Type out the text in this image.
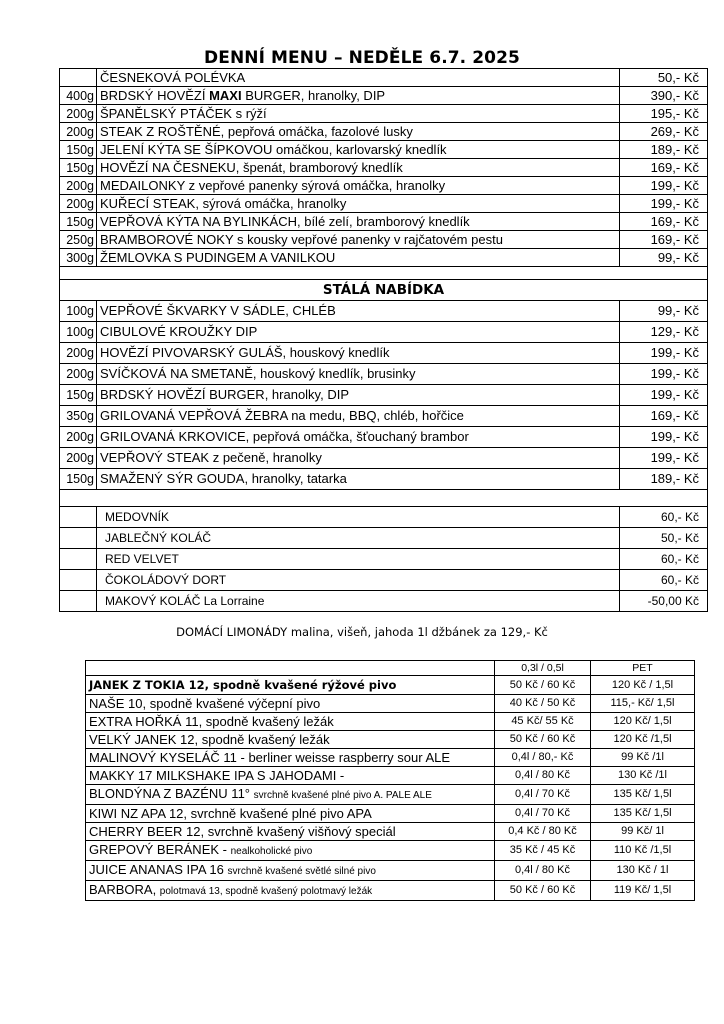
DENNÍ MENU – NEDĚLE 6.7. 2025
	ČESNEKOVÁ POLÉVKA	50,- Kč
400g	BRDSKÝ HOVĚZÍ MAXI BURGER, hranolky, DIP	390,- Kč
200g	ŠPANĚLSKÝ PTÁČEK s rýží	195,- Kč
200g	STEAK Z ROŠTĚNÉ, pepřová omáčka, fazolové lusky	269,- Kč
150g	JELENÍ KÝTA SE ŠÍPKOVOU omáčkou, karlovarský knedlík	189,- Kč
150g	HOVĚZÍ NA ČESNEKU, špenát, bramborový knedlík	169,- Kč
200g	MEDAILONKY z vepřové panenky sýrová omáčka, hranolky	199,- Kč
200g	KUŘECÍ STEAK, sýrová omáčka, hranolky	199,- Kč
150g	VEPŘOVÁ KÝTA NA BYLINKÁCH, bílé zelí, bramborový knedlík	169,- Kč
250g	BRAMBOROVÉ NOKY s kousky vepřové panenky v rajčatovém pestu	169,- Kč
300g	ŽEMLOVKA S PUDINGEM A VANILKOU	99,- Kč

STÁLÁ NABÍDKA		
100g	VEPŘOVÉ ŠKVARKY V SÁDLE, CHLÉB	99,- Kč
100g	CIBULOVÉ KROUŽKY DIP	129,- Kč
200g	HOVĚZÍ PIVOVARSKÝ GULÁŠ, houskový knedlík	199,- Kč
200g	SVÍČKOVÁ NA SMETANĚ, houskový knedlík, brusinky	199,- Kč
150g	BRDSKÝ HOVĚZÍ BURGER, hranolky, DIP	199,- Kč
350g	GRILOVANÁ VEPŘOVÁ ŽEBRA na medu, BBQ, chléb, hořčice	169,- Kč
200g	GRILOVANÁ KRKOVICE, pepřová omáčka, šťouchaný brambor	199,- Kč
200g	VEPŘOVÝ STEAK z pečeně, hranolky	199,- Kč
150g	SMAŽENÝ SÝR GOUDA, hranolky, tatarka	189,- Kč

	MEDOVNÍK	60,- Kč
	JABLEČNÝ KOLÁČ	50,- Kč
	RED VELVET	60,- Kč
	ČOKOLÁDOVÝ DORT	60,- Kč
	MAKOVÝ KOLÁČ La Lorraine	-50,00 Kč
DOMÁCÍ LIMONÁDY malina, višeň, jahoda 1l džbánek za 129,- Kč
	0,3l / 0,5l	PET
JANEK Z TOKIA 12, spodně kvašené rýžové pivo	50 Kč / 60 Kč	120 Kč / 1,5l
NAŠE 10, spodně kvašené výčepní pivo	40 Kč / 50 Kč	115,- Kč/ 1,5l
EXTRA HOŘKÁ 11, spodně kvašený ležák	45 Kč/ 55 Kč	120 Kč/ 1,5l
VELKÝ JANEK 12, spodně kvašený ležák	50 Kč / 60 Kč	120 Kč /1,5l
MALINOVÝ KYSELÁČ 11 - berliner weisse raspberry sour ALE	0,4l / 80,- Kč	99 Kč /1l
MAKKY 17 MILKSHAKE IPA S JAHODAMI -	0,4l / 80 Kč	130 Kč /1l
BLONDÝNA Z BAZÉNU 11° svrchně kvašené plné pivo A. PALE ALE	0,4l / 70 Kč	135 Kč/ 1,5l
KIWI NZ APA 12, svrchně kvašené plné pivo APA	0,4l / 70 Kč	135 Kč/ 1,5l
CHERRY BEER 12, svrchně kvašený višňový speciál	0,4 Kč / 80 Kč	99 Kč/ 1l
GREPOVÝ BERÁNEK - nealkoholické pivo	35 Kč / 45 Kč	110 Kč /1,5l
JUICE ANANAS IPA 16 svrchně kvašené světlé silné pivo	0,4l / 80 Kč	130 Kč / 1l
BARBORA, polotmavá 13, spodně kvašený polotmavý ležák	50 Kč / 60 Kč	119 Kč/ 1,5l
